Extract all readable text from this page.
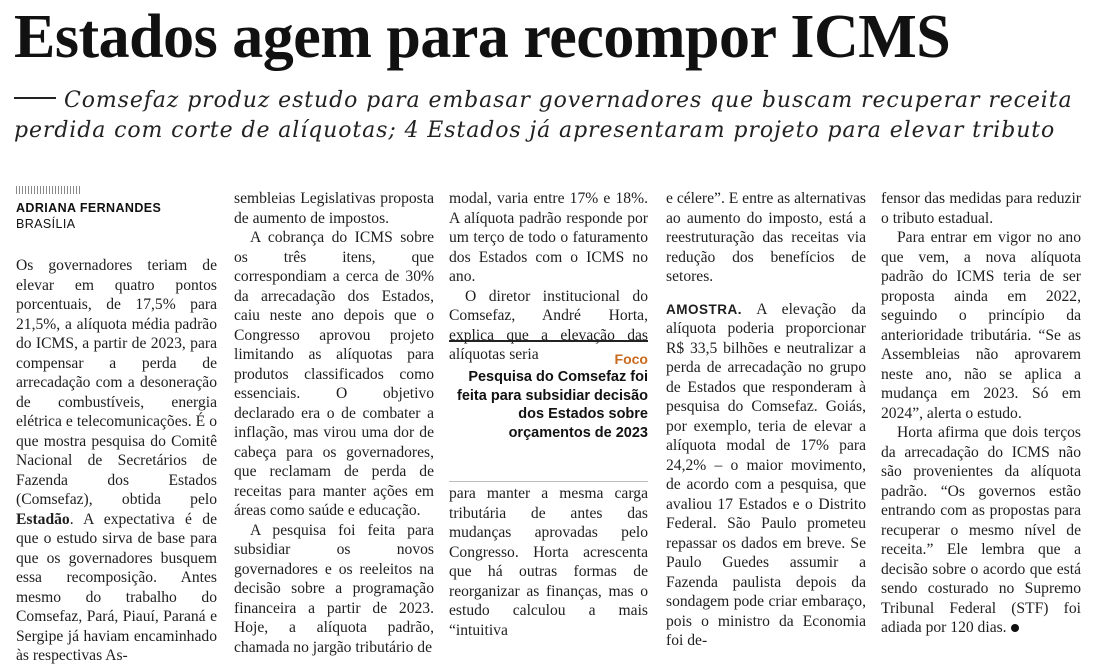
Estados agem para recompor ICMS
Comsefaz produz estudo para embasar governadores que buscam recuperar receita perdida com corte de alíquotas; 4 Estados já apresentaram projeto para elevar tributo
ADRIANA FERNANDES
BRASÍLIA

Os governadores teriam de elevar em quatro pontos porcentuais, de 17,5% para 21,5%, a alíquota média padrão do ICMS, a partir de 2023, para compensar a perda de arrecadação com a desoneração de combustíveis, energia elétrica e telecomunicações. É o que mostra pesquisa do Comitê Nacional de Secretários de Fazenda dos Estados (Comsefaz), obtida pelo Estadão. A expectativa é de que o estudo sirva de base para que os governadores busquem essa recomposição. Antes mesmo do trabalho do Comsefaz, Pará, Piauí, Paraná e Sergipe já haviam encaminhado às respectivas As-

sembleias Legislativas proposta de aumento de impostos.

A cobrança do ICMS sobre os três itens, que correspondiam a cerca de 30% da arrecadação dos Estados, caiu neste ano depois que o Congresso aprovou projeto limitando as alíquotas para produtos classificados como essenciais. O objetivo declarado era o de combater a inflação, mas virou uma dor de cabeça para os governadores, que reclamam de perda de receitas para manter ações em áreas como saúde e educação.

A pesquisa foi feita para subsidiar os novos governadores e os reeleitos na decisão sobre a programação financeira a partir de 2023. Hoje, a alíquota padrão, chamada no jargão tributário de

modal, varia entre 17% e 18%. A alíquota padrão responde por um terço de todo o faturamento dos Estados com o ICMS no ano.

O diretor institucional do Comsefaz, André Horta, explica que a elevação das alíquotas seria	Foco
Pesquisa do Comsefaz foi feita para subsidiar decisão dos Estados sobre orçamentos de 2023

para manter a mesma carga tributária de antes das mudanças aprovadas pelo Congresso. Horta acrescenta que há outras formas de reorganizar as finanças, mas o estudo calculou a mais “intuitiva

e célere”. E entre as alternativas ao aumento do imposto, está a reestruturação das receitas via redução dos benefícios de setores.

AMOSTRA. A elevação da alíquota poderia proporcionar R$ 33,5 bilhões e neutralizar a perda de arrecadação no grupo de Estados que responderam à pesquisa do Comsefaz. Goiás, por exemplo, teria de elevar a alíquota modal de 17% para 24,2% – o maior movimento, de acordo com a pesquisa, que avaliou 17 Estados e o Distrito Federal. São Paulo prometeu repassar os dados em breve. Se Paulo Guedes assumir a Fazenda paulista depois da sondagem pode criar embaraço, pois o ministro da Economia foi de-

fensor das medidas para reduzir o tributo estadual.

Para entrar em vigor no ano que vem, a nova alíquota padrão do ICMS teria de ser proposta ainda em 2022, seguindo o princípio da anterioridade tributária. “Se as Assembleias não aprovarem neste ano, não se aplica a mudança em 2023. Só em 2024”, alerta o estudo.

Horta afirma que dois terços da arrecadação do ICMS não são provenientes da alíquota padrão. “Os governos estão entrando com as propostas para recuperar o mesmo nível de receita.” Ele lembra que a decisão sobre o acordo que está sendo costurado no Supremo Tribunal Federal (STF) foi adiada por 120 dias.
